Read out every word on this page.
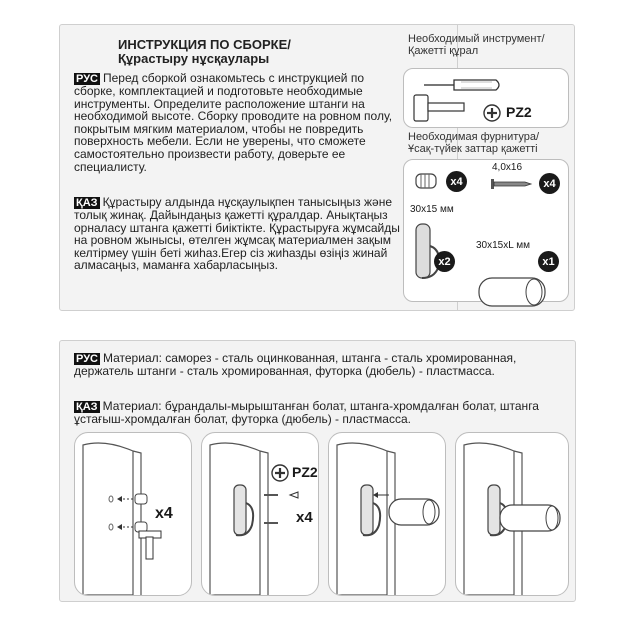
ИНСТРУКЦИЯ ПО СБОРКЕ/
Құрастыру нұсқаулары
РУС Перед сборкой ознакомьтесь с инструкцией по сборке, комплектацией и подготовьте необходимые инструменты. Определите расположение штанги на необходимой высоте. Сборку проводите на ровном полу, покрытым мягким материалом, чтобы не повредить поверхность мебели. Если не уверены, что сможете самостоятельно произвести работу, доверьте ее специалисту.
ҚАЗ Құрастыру алдында нұсқаулықпен танысыңыз және толық жинақ. Дайындаңыз қажетті құралдар. Анықтаңыз орналасу штанга қажетті биіктікте. Құрастыруға жұмсайды на ровном жынысы, өтелген жұмсақ материалмен зақым келтірмеу үшін беті жиһаз.Егер сіз жиһазды өзіңіз жинай алмасаңыз, маманға хабарласыңыз.
Необходимый инструмент/
Қажетті құрал
PZ2
Необходимая фурнитура/
Ұсақ-түйек заттар қажетті
x4
4,0x16
x4
30x15 мм
x2
30x15xL мм
x1
РУС Материал: саморез - сталь оцинкованная, штанга - сталь хромированная, держатель штанги - сталь хромированная, футорка (дюбель) - пластмасса.
ҚАЗ Материал: бұрандалы-мырыштанған болат, штанга-хромдалған болат, штанга ұстағыш-хромдалған болат, футорка (дюбель) - пластмасса.
x4
PZ2
x4
